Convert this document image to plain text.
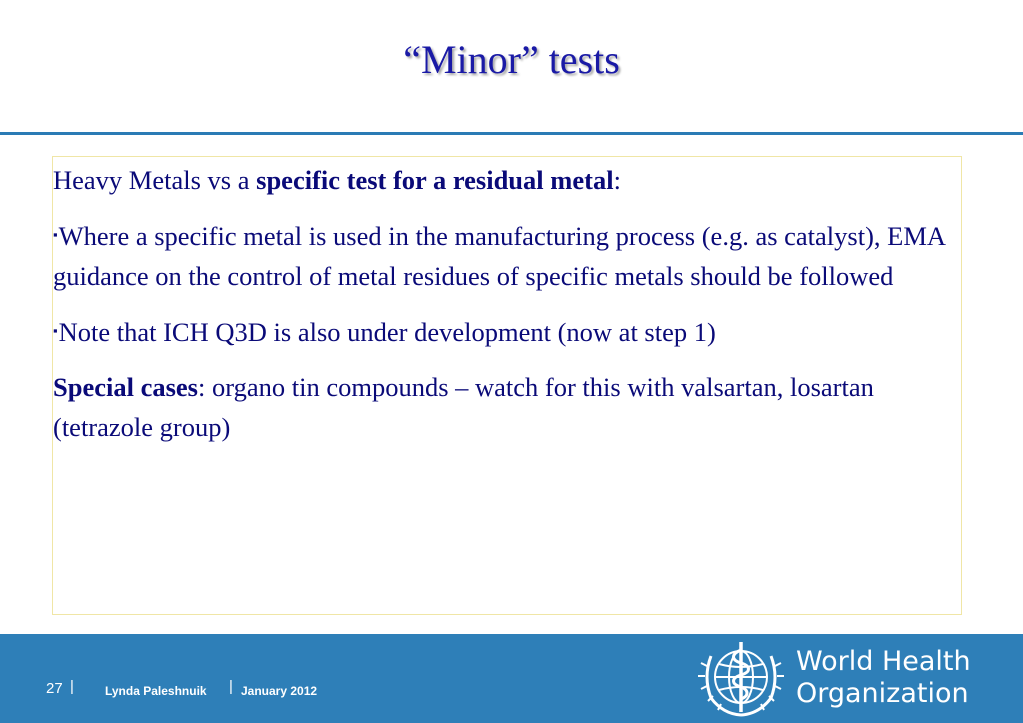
“Minor” tests

Heavy Metals vs a specific test for a residual metal:

▪Where a specific metal is used in the manufacturing process (e.g. as catalyst), EMA guidance on the control of metal residues of specific metals should be followed

▪Note that ICH Q3D is also under development (now at step 1)

Special cases: organo tin compounds – watch for this with valsartan, losartan (tetrazole group)

27 |	Lynda Paleshnuik | January 2012
World Health
Organization
